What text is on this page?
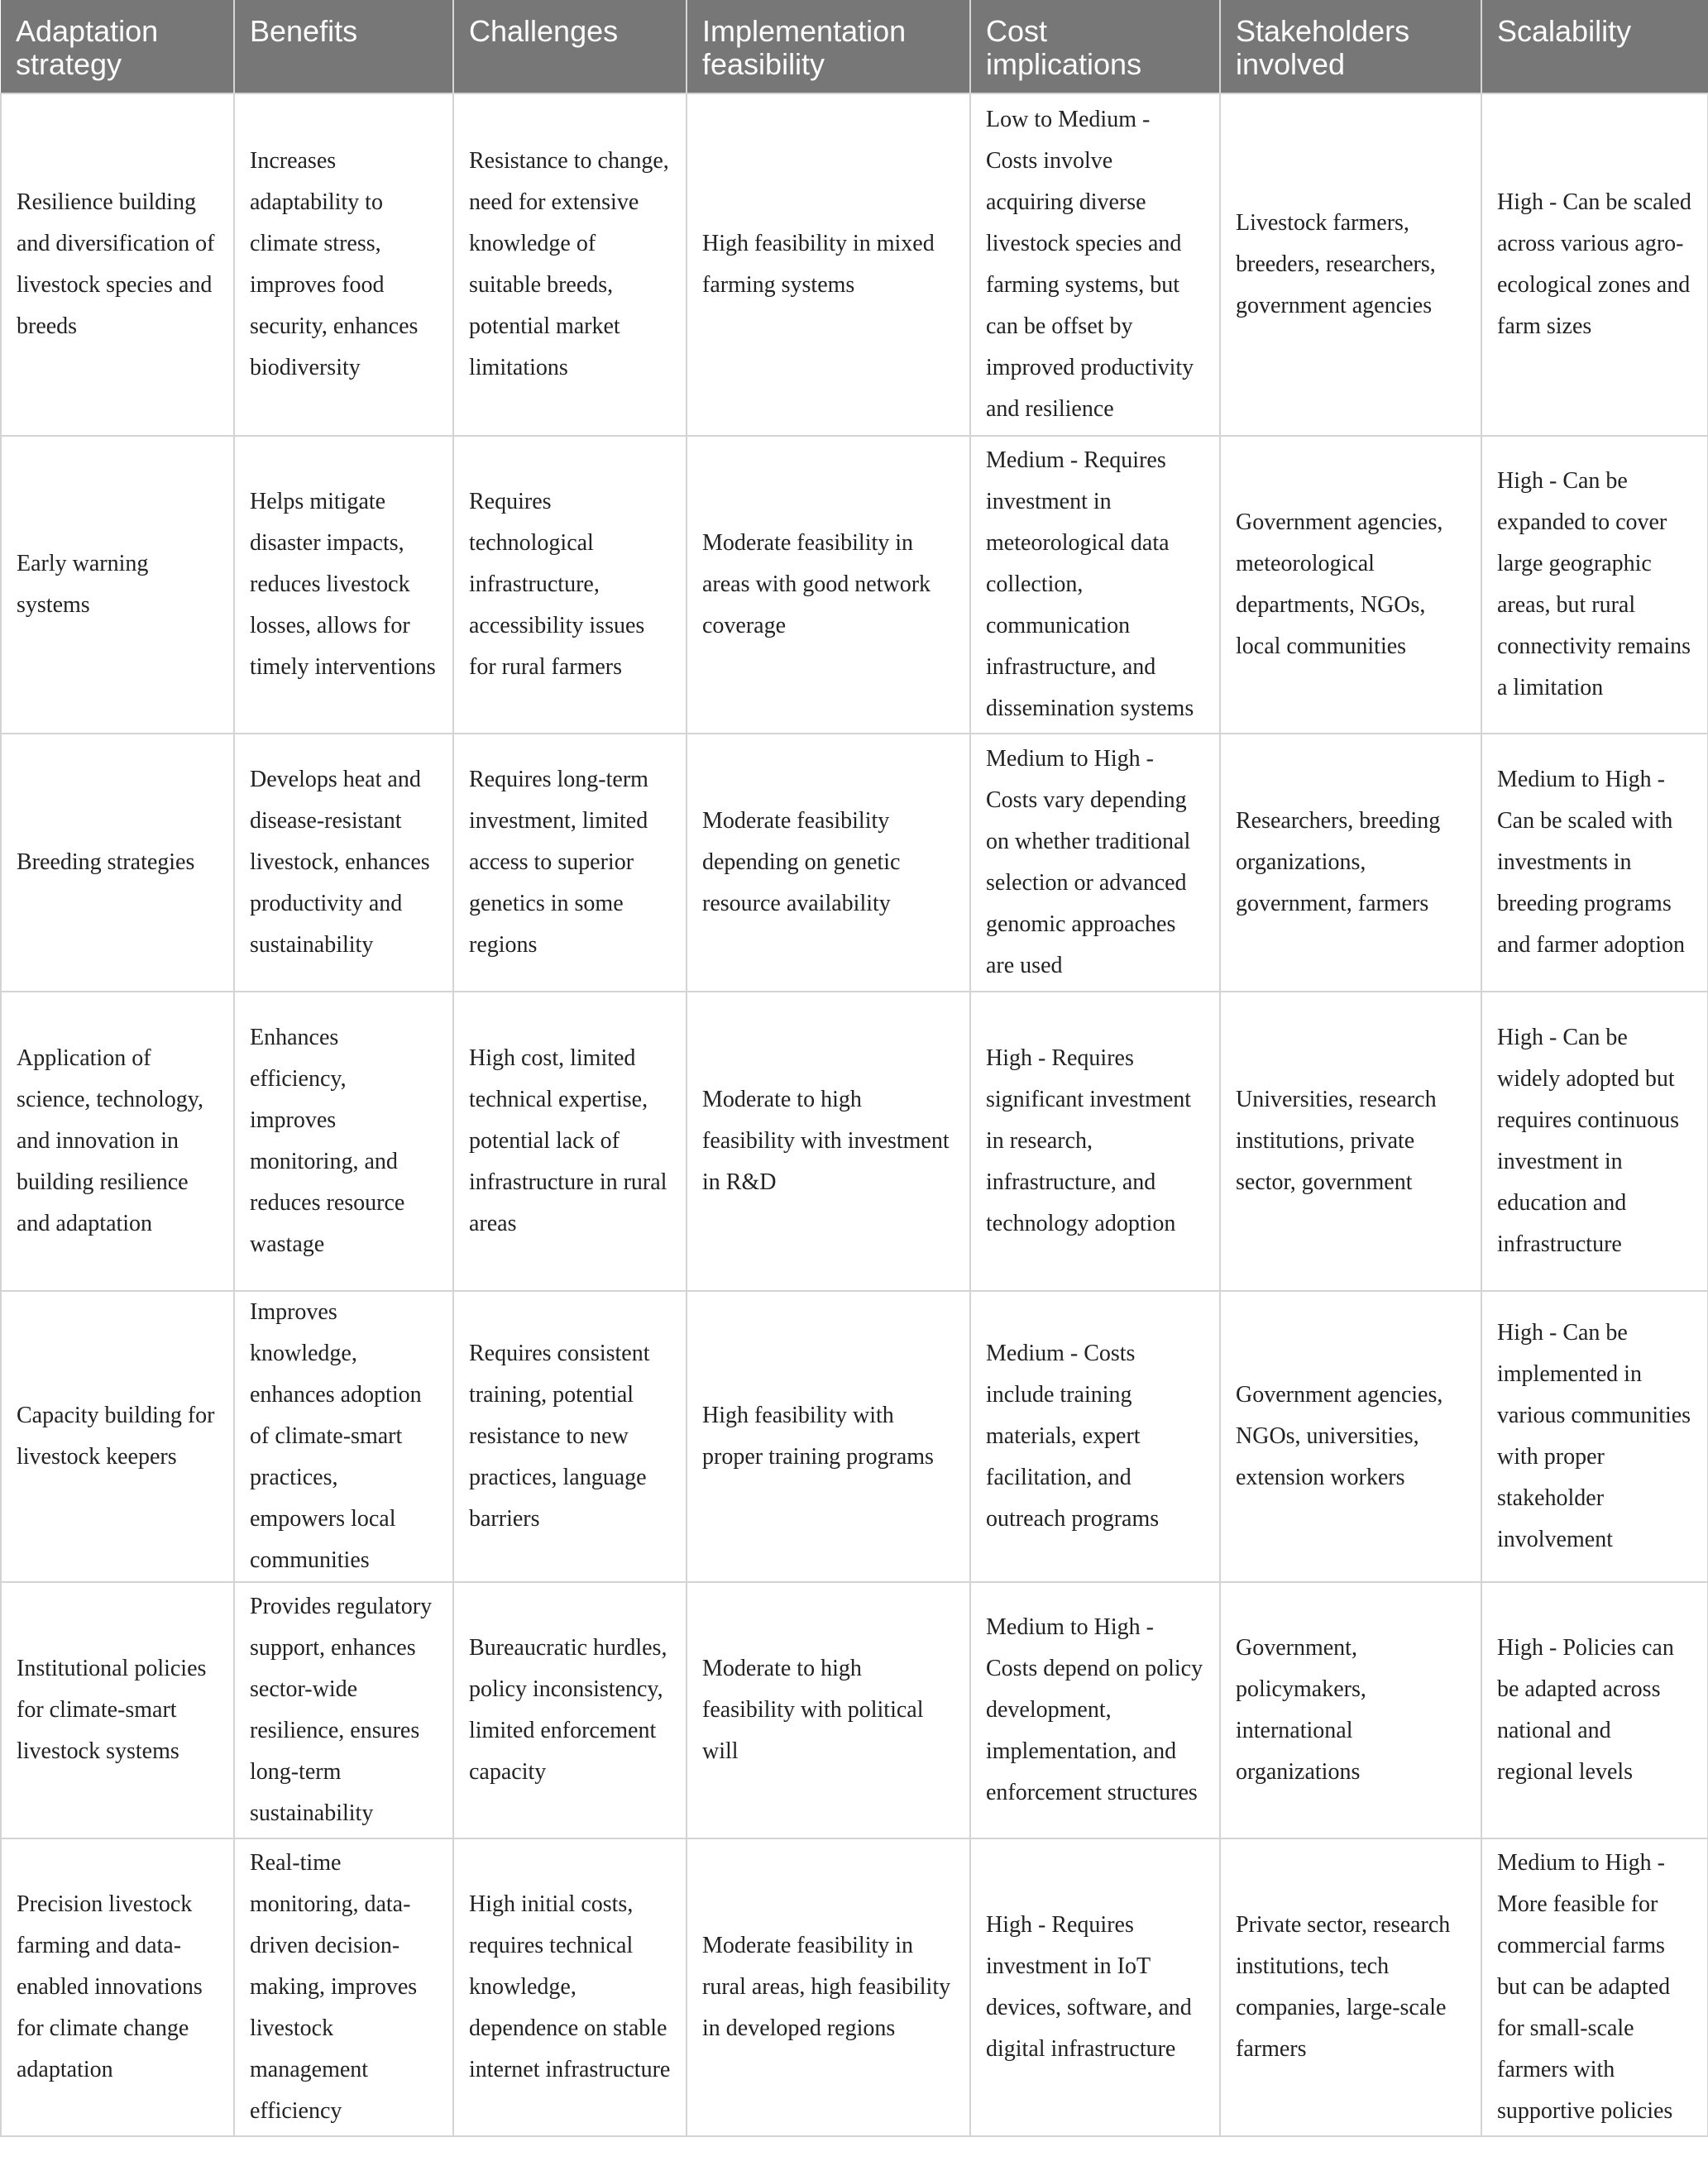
Adaptation strategy	Benefits	Challenges	Implementation feasibility	Cost implications	Stakeholders involved	Scalability
Resilience building and diversification of livestock species and breeds	Increases adaptability to climate stress, improves food security, enhances biodiversity	Resistance to change, need for extensive knowledge of suitable breeds, potential market limitations	High feasibility in mixed farming systems	Low to Medium - Costs involve acquiring diverse livestock species and farming systems, but can be offset by improved productivity and resilience	Livestock farmers, breeders, researchers, government agencies	High - Can be scaled across various agro-ecological zones and farm sizes
Early warning systems	Helps mitigate disaster impacts, reduces livestock losses, allows for timely interventions	Requires technological infrastructure, accessibility issues for rural farmers	Moderate feasibility in areas with good network coverage	Medium - Requires investment in meteorological data collection, communication infrastructure, and dissemination systems	Government agencies, meteorological departments, NGOs, local communities	High - Can be expanded to cover large geographic areas, but rural connectivity remains a limitation
Breeding strategies	Develops heat and disease-resistant livestock, enhances productivity and sustainability	Requires long-term investment, limited access to superior genetics in some regions	Moderate feasibility depending on genetic resource availability	Medium to High - Costs vary depending on whether traditional selection or advanced genomic approaches are used	Researchers, breeding organizations, government, farmers	Medium to High - Can be scaled with investments in breeding programs and farmer adoption
Application of science, technology, and innovation in building resilience and adaptation	Enhances efficiency, improves monitoring, and reduces resource wastage	High cost, limited technical expertise, potential lack of infrastructure in rural areas	Moderate to high feasibility with investment in R&D	High - Requires significant investment in research, infrastructure, and technology adoption	Universities, research institutions, private sector, government	High - Can be widely adopted but requires continuous investment in education and infrastructure
Capacity building for livestock keepers	Improves knowledge, enhances adoption of climate-smart practices, empowers local communities	Requires consistent training, potential resistance to new practices, language barriers	High feasibility with proper training programs	Medium - Costs include training materials, expert facilitation, and outreach programs	Government agencies, NGOs, universities, extension workers	High - Can be implemented in various communities with proper stakeholder involvement
Institutional policies for climate-smart livestock systems	Provides regulatory support, enhances sector-wide resilience, ensures long-term sustainability	Bureaucratic hurdles, policy inconsistency, limited enforcement capacity	Moderate to high feasibility with political will	Medium to High - Costs depend on policy development, implementation, and enforcement structures	Government, policymakers, international organizations	High - Policies can be adapted across national and regional levels
Precision livestock farming and data-enabled innovations for climate change adaptation	Real-time monitoring, data-driven decision-making, improves livestock management efficiency	High initial costs, requires technical knowledge, dependence on stable internet infrastructure	Moderate feasibility in rural areas, high feasibility in developed regions	High - Requires investment in IoT devices, software, and digital infrastructure	Private sector, research institutions, tech companies, large-scale farmers	Medium to High - More feasible for commercial farms but can be adapted for small-scale farmers with supportive policies
